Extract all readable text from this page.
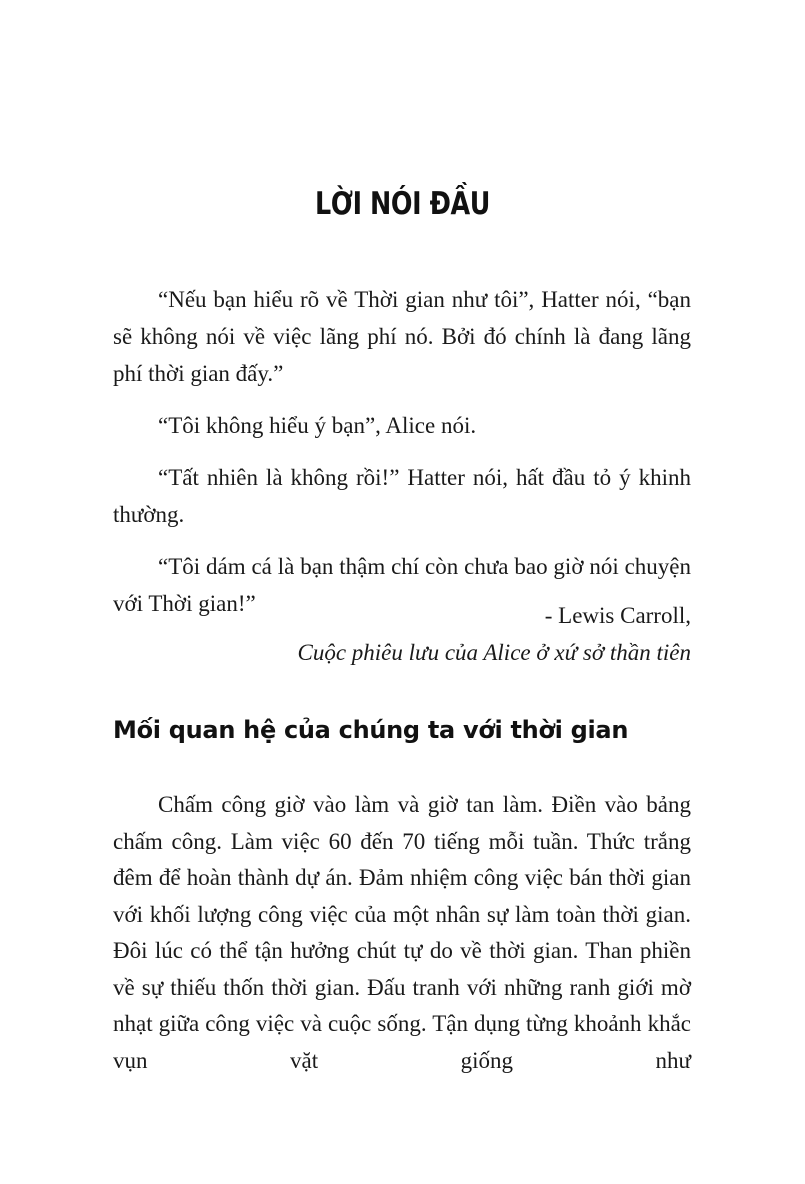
LỜI NÓI ĐẦU

“Nếu bạn hiểu rõ về Thời gian như tôi”, Hatter nói, “bạn sẽ không nói về việc lãng phí nó. Bởi đó chính là đang lãng phí thời gian đấy.”

“Tôi không hiểu ý bạn”, Alice nói.

“Tất nhiên là không rồi!” Hatter nói, hất đầu tỏ ý khinh thường.

“Tôi dám cá là bạn thậm chí còn chưa bao giờ nói chuyện với Thời gian!”	- Lewis Carroll,
Cuộc phiêu lưu của Alice ở xứ sở thần tiên
Mối quan hệ của chúng ta với thời gian

Chấm công giờ vào làm và giờ tan làm. Điền vào bảng chấm công. Làm việc 60 đến 70 tiếng mỗi tuần. Thức trắng đêm để hoàn thành dự án. Đảm nhiệm công việc bán thời gian với khối lượng công việc của một nhân sự làm toàn thời gian. Đôi lúc có thể tận hưởng chút tự do về thời gian. Than phiền về sự thiếu thốn thời gian. Đấu tranh với những ranh giới mờ nhạt giữa công việc và cuộc sống. Tận dụng từng khoảnh khắc vụn vặt giống như
